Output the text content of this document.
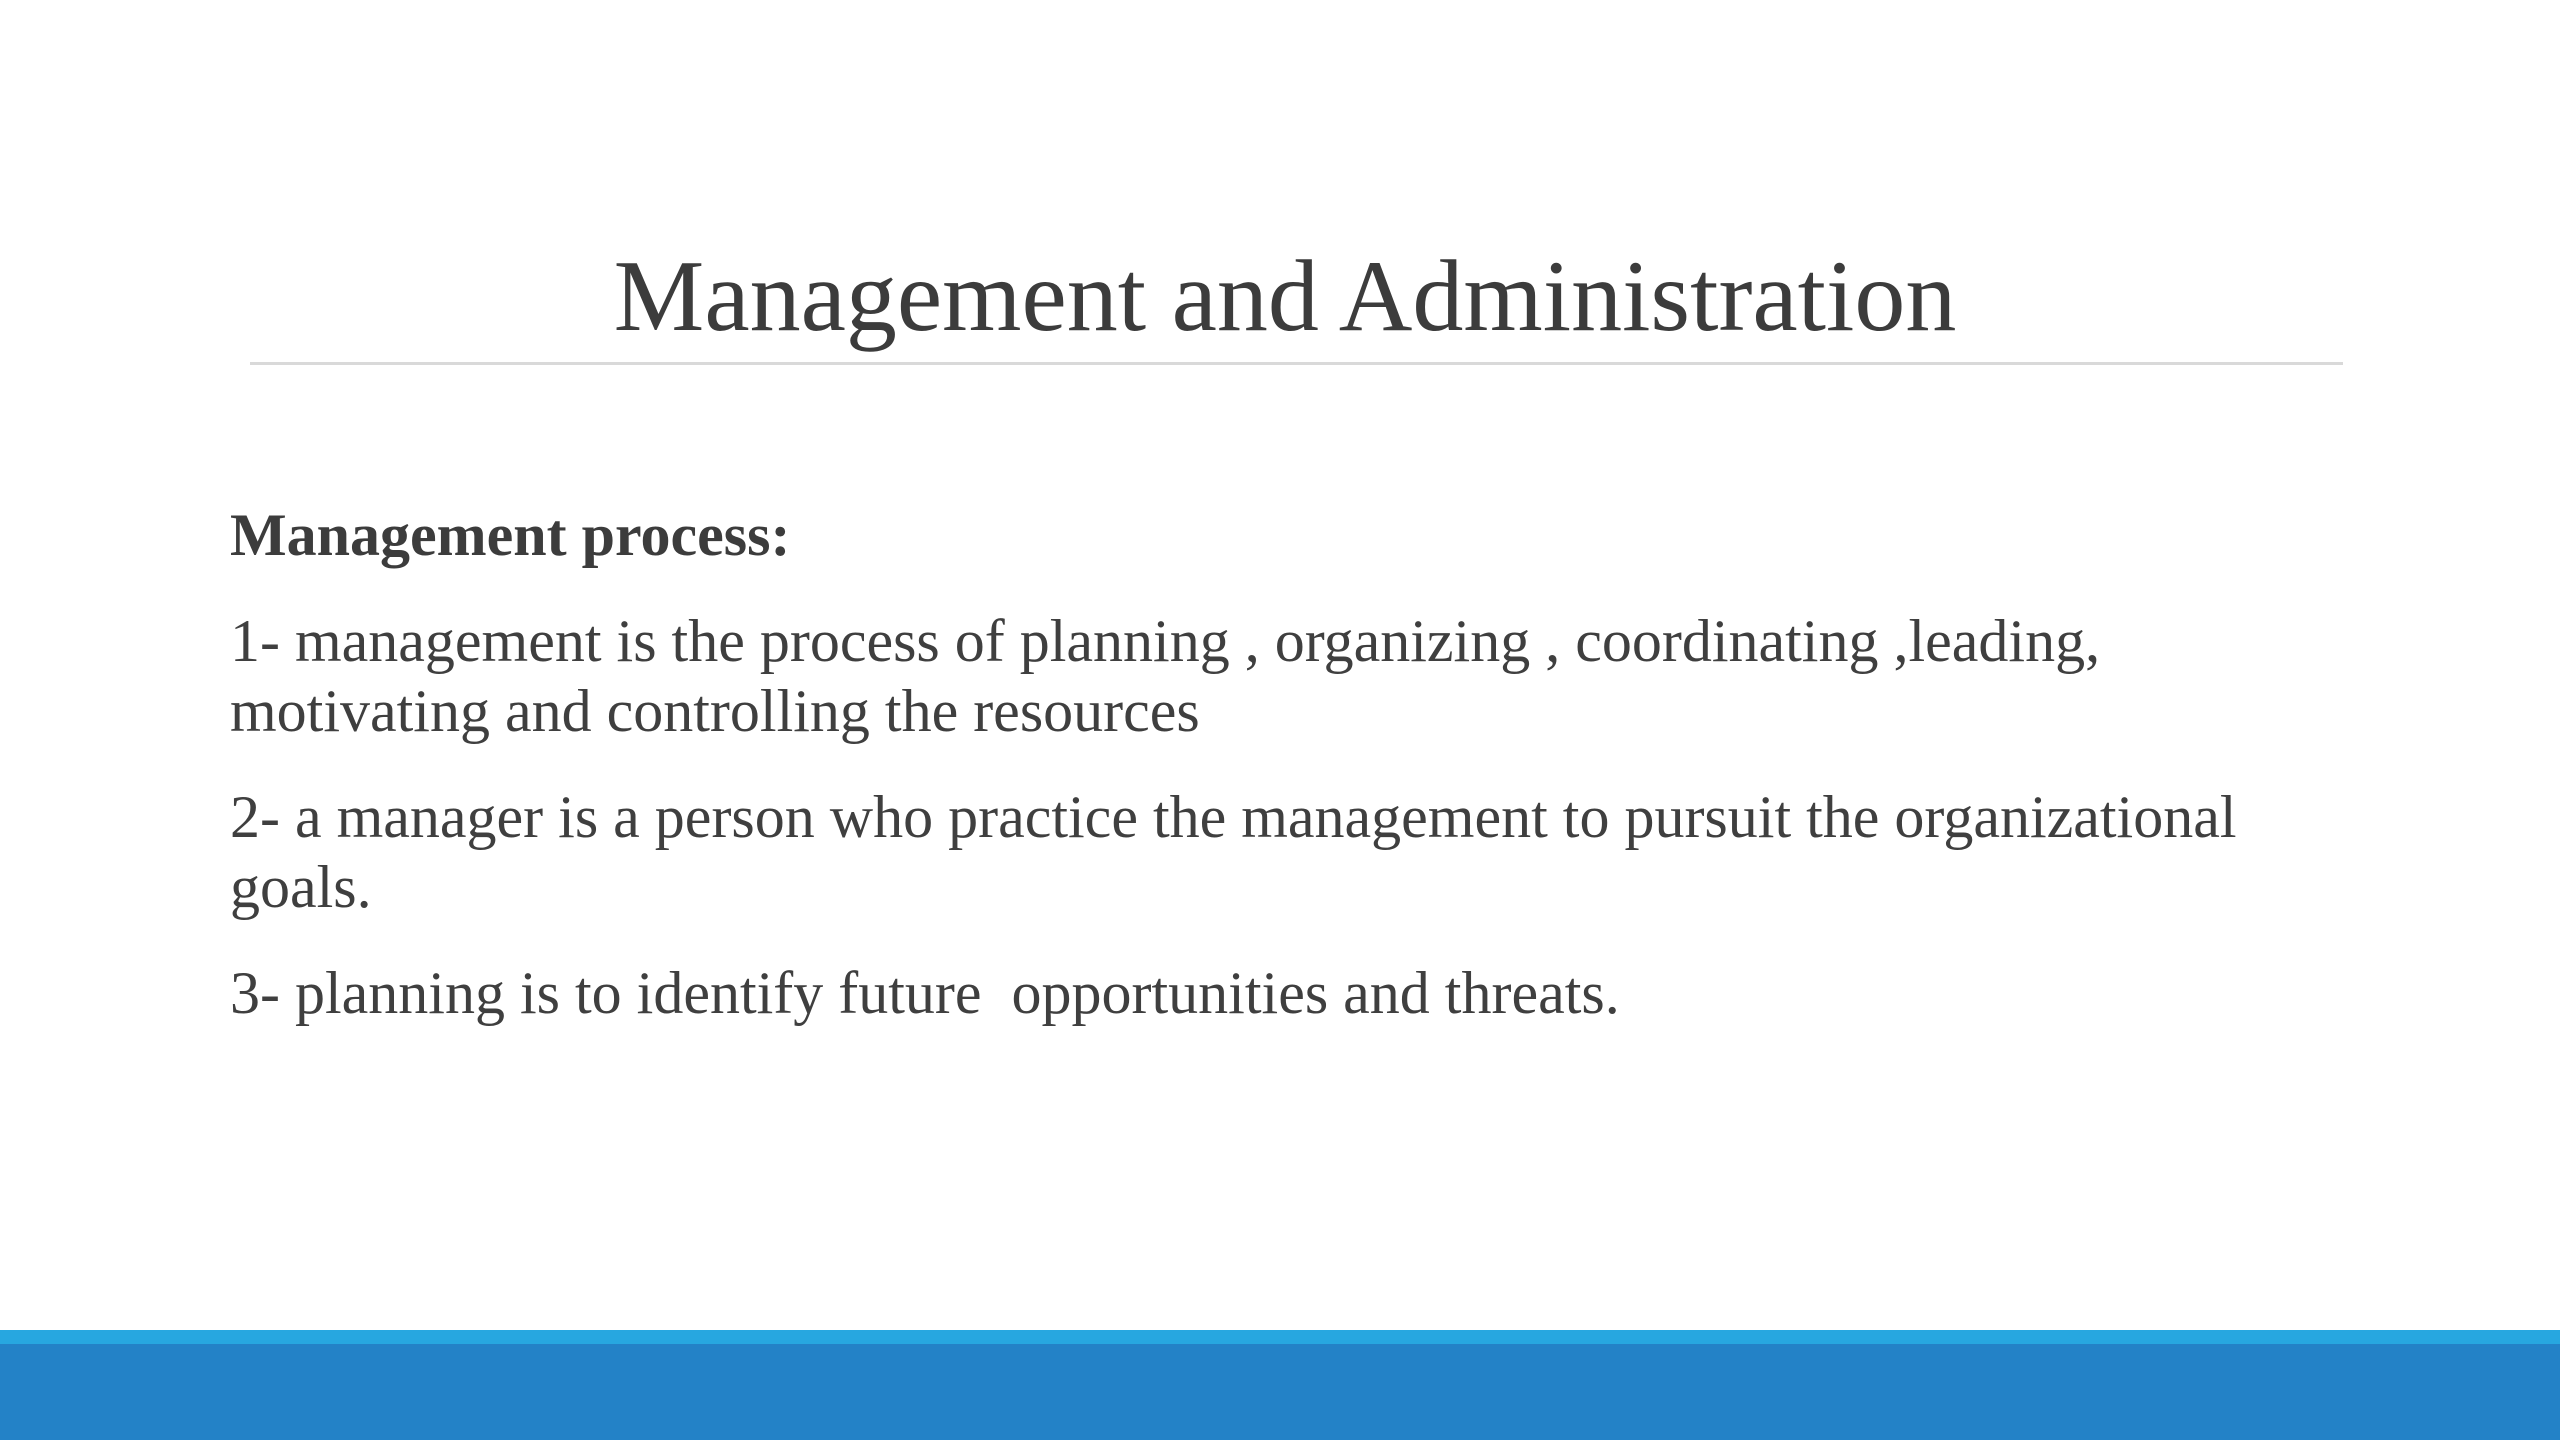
Management and Administration

Management process:

1- management is the process of planning , organizing , coordinating ,leading, motivating and controlling the resources

2- a manager is a person who practice the management to pursuit the organizational goals.

3- planning is to identify future  opportunities and threats.
